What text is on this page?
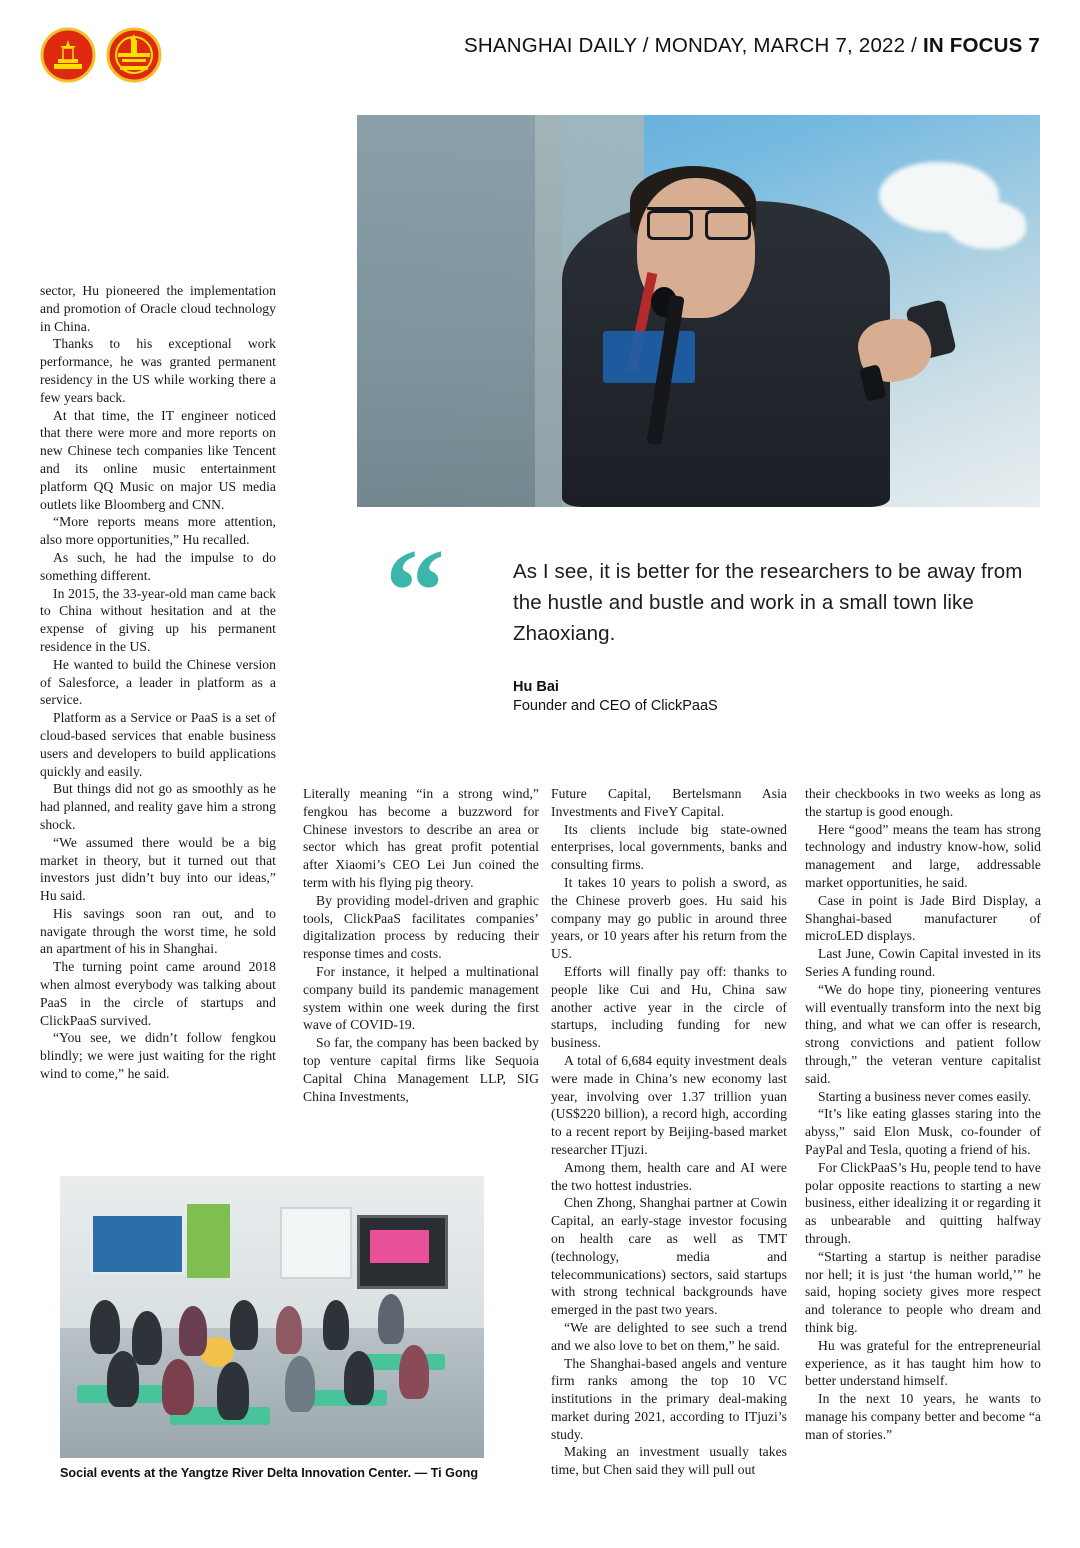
SHANGHAI DAILY / MONDAY, MARCH 7, 2022 / IN FOCUS 7
“	As I see, it is better for the researchers to be away from the hustle and bustle and work in a small town like Zhaoxiang.
Hu Bai
Founder and CEO of ClickPaaS

sector, Hu pioneered the implementation and promotion of Oracle cloud technology in China.

Thanks to his exceptional work performance, he was granted permanent residency in the US while working there a few years back.

At that time, the IT engineer noticed that there were more and more reports on new Chinese tech companies like Tencent and its online music entertainment platform QQ Music on major US media outlets like Bloomberg and CNN.

“More reports means more attention, also more opportunities,” Hu recalled.

As such, he had the impulse to do something different.

In 2015, the 33-year-old man came back to China without hesitation and at the expense of giving up his permanent residence in the US.

He wanted to build the Chinese version of Salesforce, a leader in platform as a service.

Platform as a Service or PaaS is a set of cloud-based services that enable business users and developers to build applications quickly and easily.

But things did not go as smoothly as he had planned, and reality gave him a strong shock.

“We assumed there would be a big market in theory, but it turned out that investors just didn’t buy into our ideas,” Hu said.

His savings soon ran out, and to navigate through the worst time, he sold an apartment of his in Shanghai.

The turning point came around 2018 when almost everybody was talking about PaaS in the circle of startups and ClickPaaS survived.

“You see, we didn’t follow fengkou blindly; we were just waiting for the right wind to come,” he said.

Literally meaning “in a strong wind,” fengkou has become a buzzword for Chinese investors to describe an area or sector which has great profit potential after Xiaomi’s CEO Lei Jun coined the term with his flying pig theory.

By providing model-driven and graphic tools, ClickPaaS facilitates companies’ digitalization process by reducing their response times and costs.

For instance, it helped a multinational company build its pandemic management system within one week during the first wave of COVID-19.

So far, the company has been backed by top venture capital firms like Sequoia Capital China Management LLP, SIG China Investments,

Future Capital, Bertelsmann Asia Investments and FiveY Capital.

Its clients include big state-owned enterprises, local governments, banks and consulting firms.

It takes 10 years to polish a sword, as the Chinese proverb goes. Hu said his company may go public in around three years, or 10 years after his return from the US.

Efforts will finally pay off: thanks to people like Cui and Hu, China saw another active year in the circle of startups, including funding for new business.

A total of 6,684 equity investment deals were made in China’s new economy last year, involving over 1.37 trillion yuan (US$220 billion), a record high, according to a recent report by Beijing-based market researcher ITjuzi.

Among them, health care and AI were the two hottest industries.

Chen Zhong, Shanghai partner at Cowin Capital, an early-stage investor focusing on health care as well as TMT (technology, media and telecommunications) sectors, said startups with strong technical backgrounds have emerged in the past two years.

“We are delighted to see such a trend and we also love to bet on them,” he said.

The Shanghai-based angels and venture firm ranks among the top 10 VC institutions in the primary deal-making market during 2021, according to ITjuzi’s study.

Making an investment usually takes time, but Chen said they will pull out

their checkbooks in two weeks as long as the startup is good enough.

Here “good” means the team has strong technology and industry know-how, solid management and large, addressable market opportunities, he said.

Case in point is Jade Bird Display, a Shanghai-based manufacturer of microLED displays.

Last June, Cowin Capital invested in its Series A funding round.

“We do hope tiny, pioneering ventures will eventually transform into the next big thing, and what we can offer is research, strong convictions and patient follow through,” the veteran venture capitalist said.

Starting a business never comes easily.

“It’s like eating glasses staring into the abyss,” said Elon Musk, co-founder of PayPal and Tesla, quoting a friend of his.

For ClickPaaS’s Hu, people tend to have polar opposite reactions to starting a new business, either idealizing it or regarding it as unbearable and quitting halfway through.

“Starting a startup is neither paradise nor hell; it is just ‘the human world,’” he said, hoping society gives more respect and tolerance to people who dream and think big.

Hu was grateful for the entrepreneurial experience, as it has taught him how to better understand himself.

In the next 10 years, he wants to manage his company better and become “a man of stories.”

Social events at the Yangtze River Delta Innovation Center. — Ti Gong
